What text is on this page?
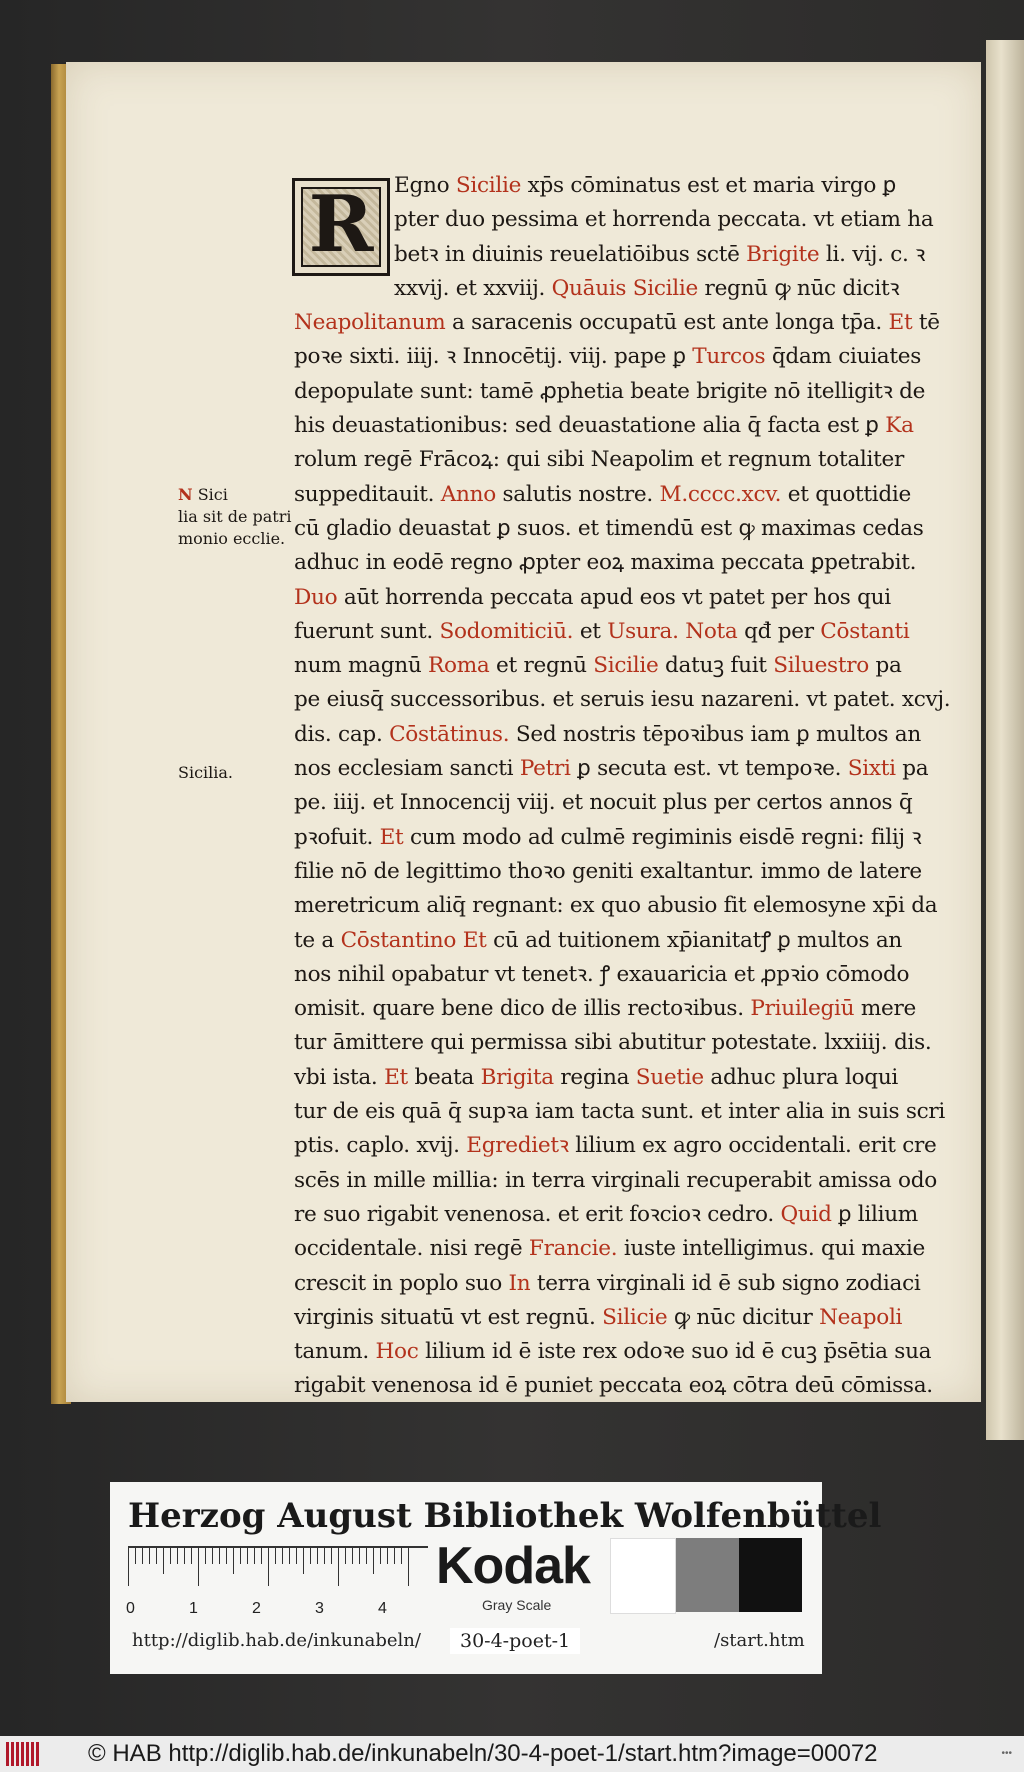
R Egno Sicilie xp̄s cōminatus est et maria virgo ꝑ
pter duo pessima et horrenda peccata. vt etiam ha
betꝛ in diuinis reuelatiōibus sctē Brigite li. vij. c. ꝛ
xxvij. et xxviij. Quāuis Sicilie regnū ꝙ nūc dicitꝛ
Neapolitanum a saracenis occupatū est ante longa tp̄a. Et tē
poꝛe sixti. iiij. ꝛ Innocētij. viij. pape ꝑ Turcos q̄dam ciuiates
depopulate sunt: tamē ꝓphetia beate brigite nō itelligitꝛ de
his deuastationibus: sed deuastatione alia q̄ facta est ꝑ Ka
rolum regē Frācoꝝ: qui sibi Neapolim et regnum totaliter
suppeditauit. Anno salutis nostre. M.cccc.xcv. et quottidie
cū gladio deuastat ꝑ suos. et timendū est ꝙ maximas cedas
adhuc in eodē regno ꝓpter eoꝝ maxima peccata ꝑpetrabit.
Duo aūt horrenda peccata apud eos vt patet per hos qui
fuerunt sunt. Sodomiticiū. et Usura. Nota qđ per Cōstanti
num magnū Roma et regnū Sicilie datuꝫ fuit Siluestro pa
pe eiusq̄ successoribus. et seruis iesu nazareni. vt patet. xcvj.
dis. cap. Cōstātinus. Sed nostris tēpoꝛibus iam ꝑ multos an
nos ecclesiam sancti Petri ꝑ secuta est. vt tempoꝛe. Sixti pa
pe. iiij. et Innocencij viij. et nocuit plus per certos annos q̄
pꝛofuit. Et cum modo ad culmē regiminis eisdē regni: filij ꝛ
filie nō de legittimo thoꝛo geniti exaltantur. immo de latere
meretricum aliq̄ regnant: ex quo abusio fit elemosyne xp̄i da
te a Cōstantino Et cū ad tuitionem xp̄ianitatꝭ ꝑ multos an
nos nihil opabatur vt tenetꝛ. ꝭ exauaricia et ꝓpꝛio cōmodo
omisit. quare bene dico de illis rectoꝛibus. Priuilegiū mere
tur āmittere qui permissa sibi abutitur potestate. lxxiiij. dis.
vbi ista. Et beata Brigita regina Suetie adhuc plura loqui
tur de eis quā q̄ supꝛa iam tacta sunt. et inter alia in suis scri
ptis. caplo. xvij. Egredietꝛ lilium ex agro occidentali. erit cre
scēs in mille millia: in terra virginali recuperabit amissa odo
re suo rigabit venenosa. et erit foꝛcioꝛ cedro. Quid ꝑ lilium
occidentale. nisi regē Francie. iuste intelligimus. qui maxie
crescit in poplo suo In terra virginali id ē sub signo zodiaci
virginis situatū vt est regnū. Silicie ꝙ nūc dicitur Neapoli
tanum. Hoc lilium id ē iste rex odoꝛe suo id ē cuꝫ p̄sētia sua
rigabit venenosa id ē puniet peccata eoꝝ cōtra deū cōmissa.
N Sici
lia sit de patri
monio ecclie.
Sicilia.
Herzog August Bibliothek Wolfenbüttel
0	1	2	3	4
Kodak
Gray Scale
http://diglib.hab.de/inkunabeln/	30-4-poet-1	/start.htm
© HAB http://diglib.hab.de/inkunabeln/30-4-poet-1/start.htm?image=00072	•••
